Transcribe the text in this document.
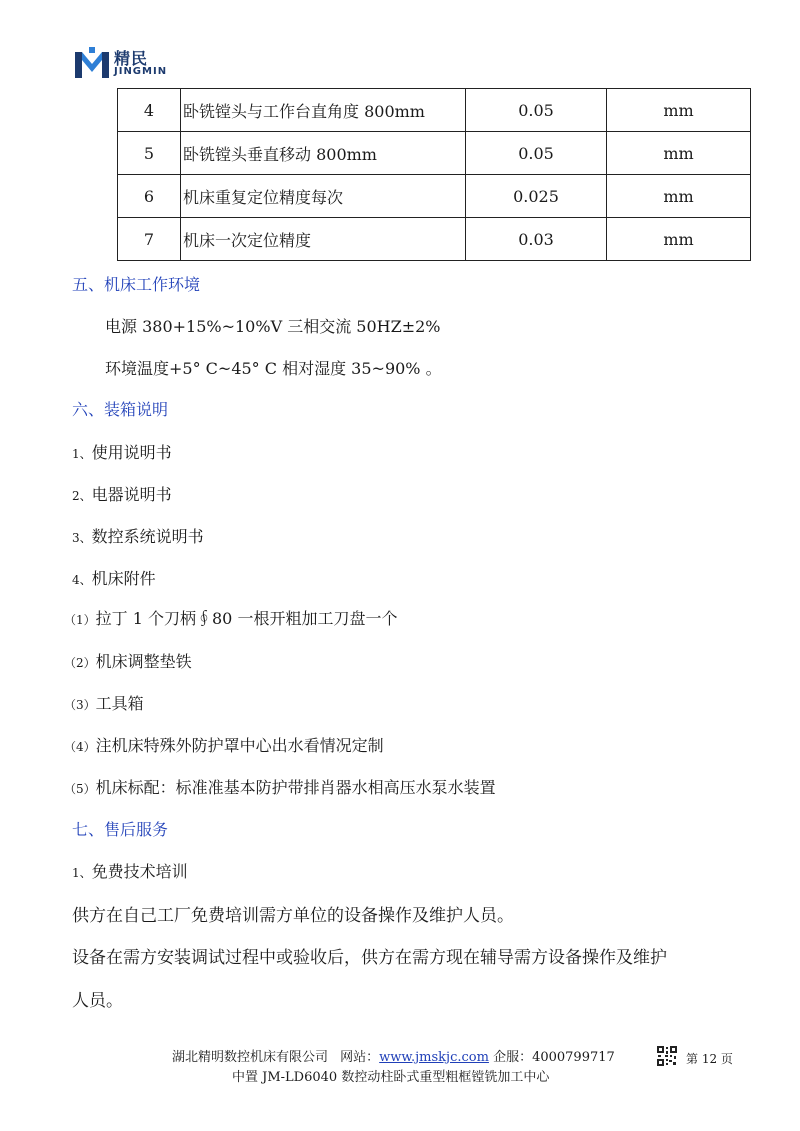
精民
JINGMIN
4	卧铣镗头与工作台直角度 800mm	0.05	mm
5	卧铣镗头垂直移动 800mm	0.05	mm
6	机床重复定位精度每次	0.025	mm
7	机床一次定位精度	0.03	mm
五、机床工作环境
电源 380+15%~10%V 三相交流 50HZ±2%
环境温度+5° C~45° C 相对湿度 35~90% 。
六、装箱说明
1、使用说明书
2、电器说明书
3、数控系统说明书
4、机床附件
（1）拉丁 1 个刀柄∮80 一根开粗加工刀盘一个
（2）机床调整垫铁
（3）工具箱
（4）注机床特殊外防护罩中心出水看情况定制
（5）机床标配：标准准基本防护带排肖器水相高压水泵水装置
七、售后服务
1、免费技术培训
供方在自己工厂免费培训需方单位的设备操作及维护人员。
设备在需方安装调试过程中或验收后，供方在需方现在辅导需方设备操作及维护
人员。
湖北精明数控机床有限公司 网站：www.jmskjc.com 企服：4000799717
中置 JM-LD6040 数控动柱卧式重型粗框镗铣加工中心
第 12 页
